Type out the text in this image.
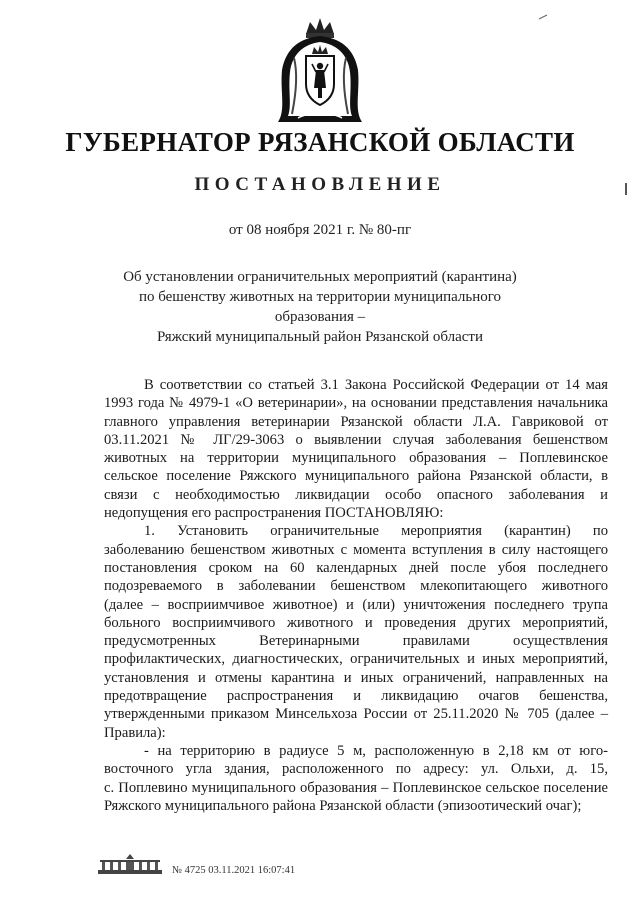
ГУБЕРНАТОР РЯЗАНСКОЙ ОБЛАСТИ
ПОСТАНОВЛЕНИЕ
от 08 ноября 2021 г. № 80-пг
Об установлении ограничительных мероприятий (карантина)
по бешенству животных на территории муниципального образования –
Ряжский муниципальный район Рязанской области

В соответствии со статьей 3.1 Закона Российской Федерации от 14 мая

1993 года № 4979-1 «О ветеринарии», на основании представления начальника

главного управления ветеринарии Рязанской области Л.А. Гавриковой от

03.11.2021 № ЛГ/29-3063 о выявлении случая заболевания бешенством

животных на территории муниципального образования – Поплевинское

сельское поселение Ряжского муниципального района Рязанской области, в

связи с необходимостью ликвидации особо опасного заболевания и

недопущения его распространения ПОСТАНОВЛЯЮ:

1. Установить ограничительные мероприятия (карантин) по

заболеванию бешенством животных с момента вступления в силу настоящего

постановления сроком на 60 календарных дней после убоя последнего

подозреваемого в заболевании бешенством млекопитающего животного

(далее – восприимчивое животное) и (или) уничтожения последнего трупа

больного восприимчивого животного и проведения других мероприятий,

предусмотренных Ветеринарными правилами осуществления

профилактических, диагностических, ограничительных и иных мероприятий,

установления и отмены карантина и иных ограничений, направленных на

предотвращение распространения и ликвидацию очагов бешенства,

утвержденными приказом Минсельхоза России от 25.11.2020 № 705 (далее –

Правила):

- на территорию в радиусе 5 м, расположенную в 2,18 км от юго-

восточного угла здания, расположенного по адресу: ул. Ольхи, д. 15,

с. Поплевино муниципального образования – Поплевинское сельское поселение

Ряжского муниципального района Рязанской области (эпизоотический очаг);

№ 4725 03.11.2021 16:07:41
